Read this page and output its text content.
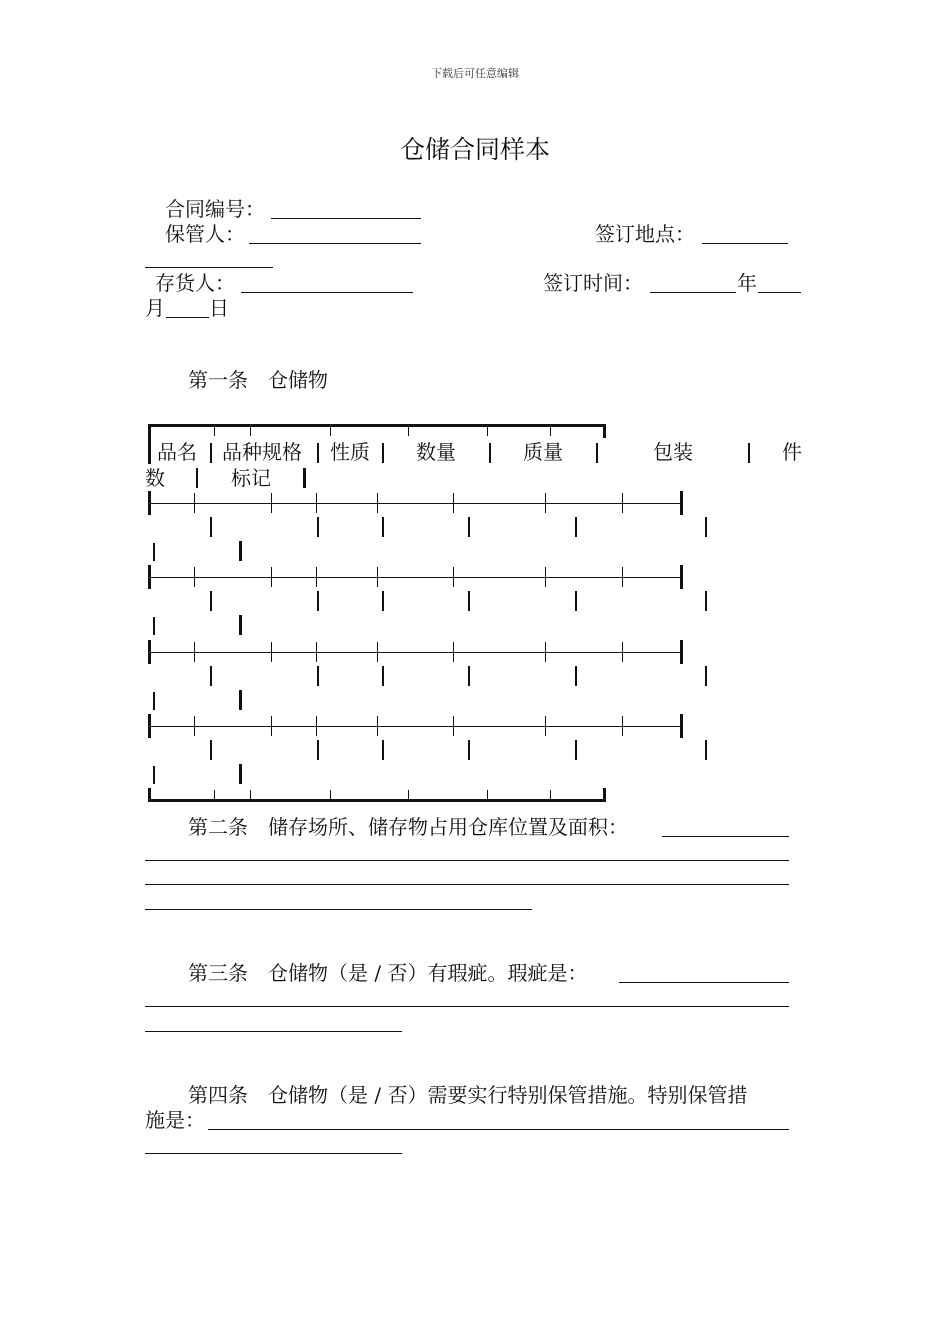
下载后可任意编辑
仓储合同样本
合同编号：
保管人：	签订地点：
存货人：	签订时间：	年
月 日
第一条　仓储物
品名 品种规格 性质 数量	质量	包装	件
数	标记
第二条　储存场所、储存物占用仓库位置及面积：
第三条　仓储物（是 / 否）有瑕疵。瑕疵是：
第四条　仓储物（是 / 否）需要实行特别保管措施。特别保管措
施是：
